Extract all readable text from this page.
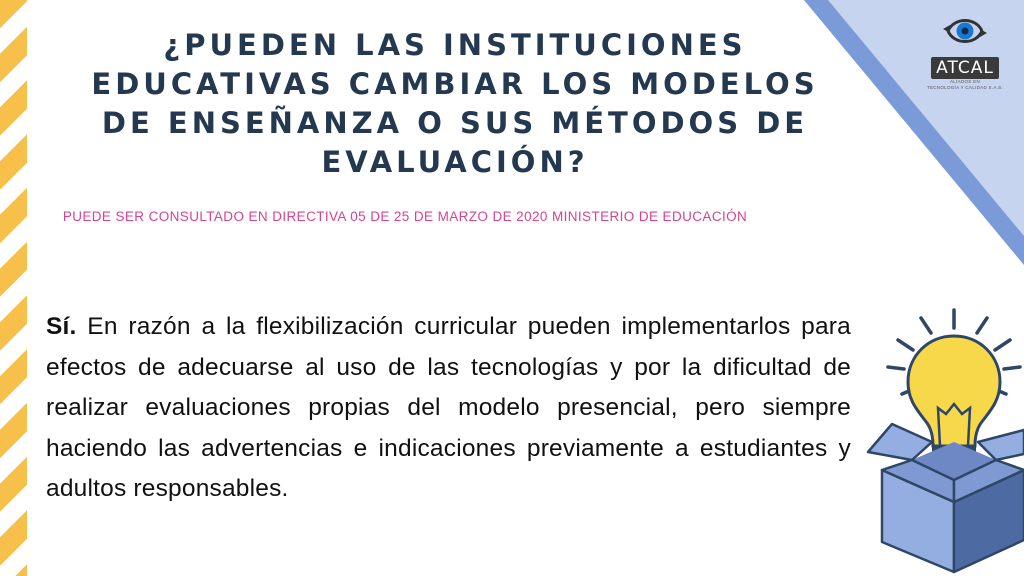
ATCAL
ALIADOS EN
TECNOLOGÍA Y CALIDAD S.A.S.
¿PUEDEN LAS INSTITUCIONES EDUCATIVAS CAMBIAR LOS MODELOS DE ENSEÑANZA O SUS MÉTODOS DE EVALUACIÓN?

PUEDE SER CONSULTADO EN DIRECTIVA 05 DE 25 DE MARZO DE 2020 MINISTERIO DE EDUCACIÓN

Sí. En razón a la flexibilización curricular pueden implementarlos para efectos de adecuarse al uso de las tecnologías y por la dificultad de realizar evaluaciones propias del modelo presencial, pero siempre haciendo las advertencias e indicaciones previamente a estudiantes y adultos responsables.
